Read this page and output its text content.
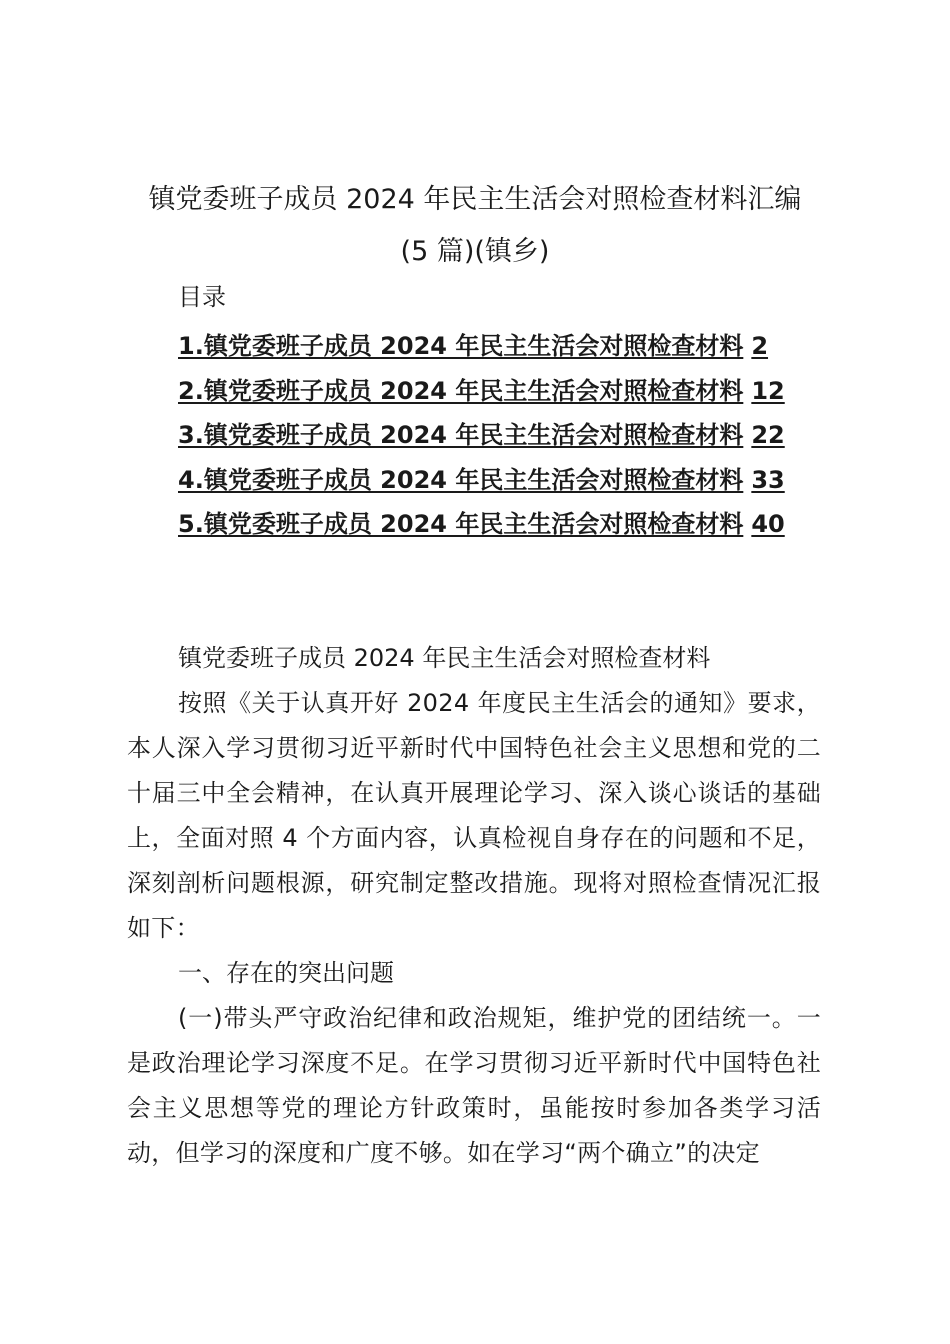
镇党委班子成员 2024 年民主生活会对照检查材料汇编
(5 篇)(镇乡)
目录
1.镇党委班子成员 2024 年民主生活会对照检查材料 2
2.镇党委班子成员 2024 年民主生活会对照检查材料 12
3.镇党委班子成员 2024 年民主生活会对照检查材料 22
4.镇党委班子成员 2024 年民主生活会对照检查材料 33
5.镇党委班子成员 2024 年民主生活会对照检查材料 40
镇党委班子成员 2024 年民主生活会对照检查材料

按照《关于认真开好 2024 年度民主生活会的通知》要求，本人深入学习贯彻习近平新时代中国特色社会主义思想和党的二十届三中全会精神，在认真开展理论学习、深入谈心谈话的基础上，全面对照 4 个方面内容，认真检视自身存在的问题和不足，深刻剖析问题根源，研究制定整改措施。现将对照检查情况汇报如下：

一、存在的突出问题

(一)带头严守政治纪律和政治规矩，维护党的团结统一。一是政治理论学习深度不足。在学习贯彻习近平新时代中国特色社会主义思想等党的理论方针政策时，虽能按时参加各类学习活动，但学习的深度和广度不够。如在学习“两个确立”的决定
